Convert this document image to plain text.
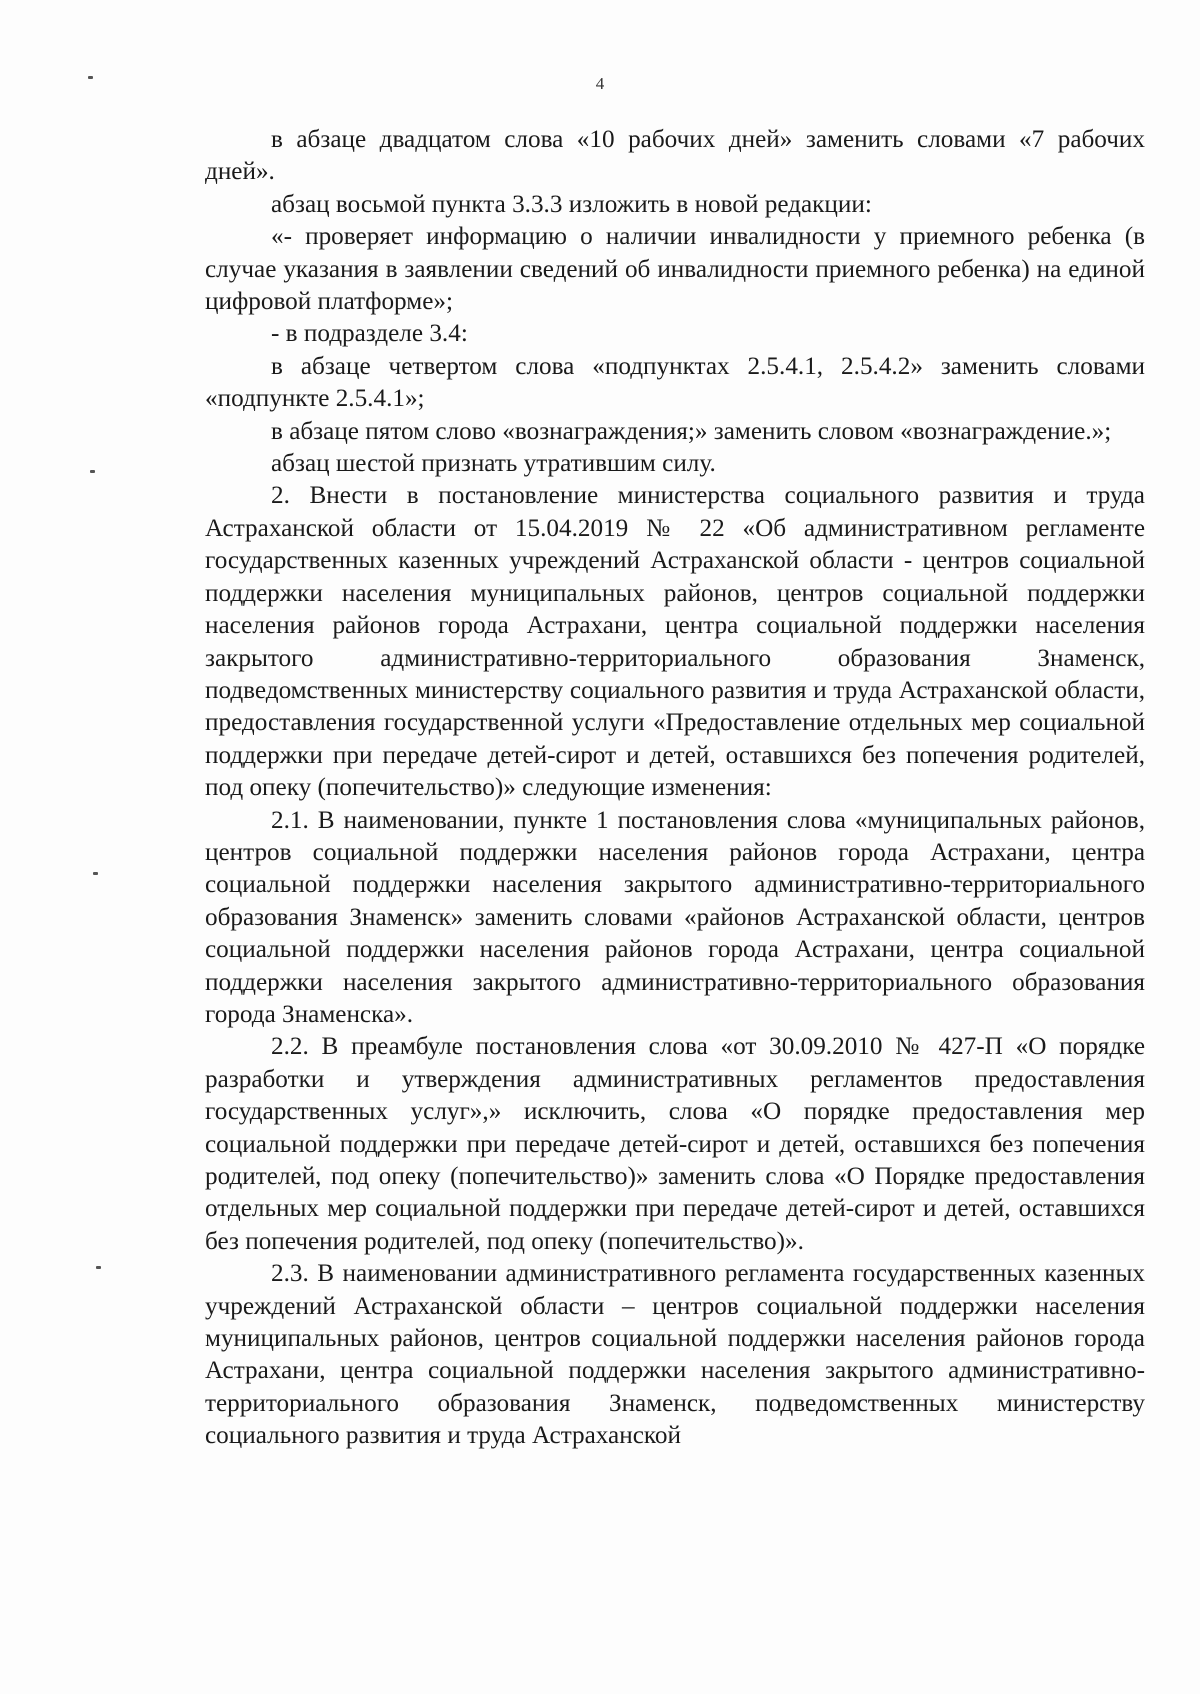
4

в абзаце двадцатом слова «10 рабочих дней» заменить словами «7 рабочих дней».

абзац восьмой пункта 3.3.3 изложить в новой редакции:

«- проверяет информацию о наличии инвалидности у приемного ребенка (в случае указания в заявлении сведений об инвалидности приемного ребенка) на единой цифровой платформе»;

- в подразделе 3.4:

в абзаце четвертом слова «подпунктах 2.5.4.1, 2.5.4.2» заменить словами «подпункте 2.5.4.1»;

в абзаце пятом слово «вознаграждения;» заменить словом «вознаграждение.»;

абзац шестой признать утратившим силу.

2. Внести в постановление министерства социального развития и труда Астраханской области от 15.04.2019 № 22 «Об административном регламенте государственных казенных учреждений Астраханской области - центров социальной поддержки населения муниципальных районов, центров социальной поддержки населения районов города Астрахани, центра социальной поддержки населения закрытого административно-территориального образования Знаменск, подведомственных министерству социального развития и труда Астраханской области, предоставления государственной услуги «Предоставление отдельных мер социальной поддержки при передаче детей-сирот и детей, оставшихся без попечения родителей, под опеку (попечительство)» следующие изменения:

2.1. В наименовании, пункте 1 постановления слова «муниципальных районов, центров социальной поддержки населения районов города Астрахани, центра социальной поддержки населения закрытого административно-территориального образования Знаменск» заменить словами «районов Астраханской области, центров социальной поддержки населения районов города Астрахани, центра социальной поддержки населения закрытого административно-территориального образования города Знаменска».

2.2. В преамбуле постановления слова «от 30.09.2010 № 427-П «О порядке разработки и утверждения административных регламентов предоставления государственных услуг»,» исключить, слова «О порядке предоставления мер социальной поддержки при передаче детей-сирот и детей, оставшихся без попечения родителей, под опеку (попечительство)» заменить слова «О Порядке предоставления отдельных мер социальной поддержки при передаче детей-сирот и детей, оставшихся без попечения родителей, под опеку (попечительство)».

2.3. В наименовании административного регламента государственных казенных учреждений Астраханской области – центров социальной поддержки населения муниципальных районов, центров социальной поддержки населения районов города Астрахани, центра социальной поддержки населения закрытого административно-территориального образования Знаменск, подведомственных министерству социального развития и труда Астраханской
